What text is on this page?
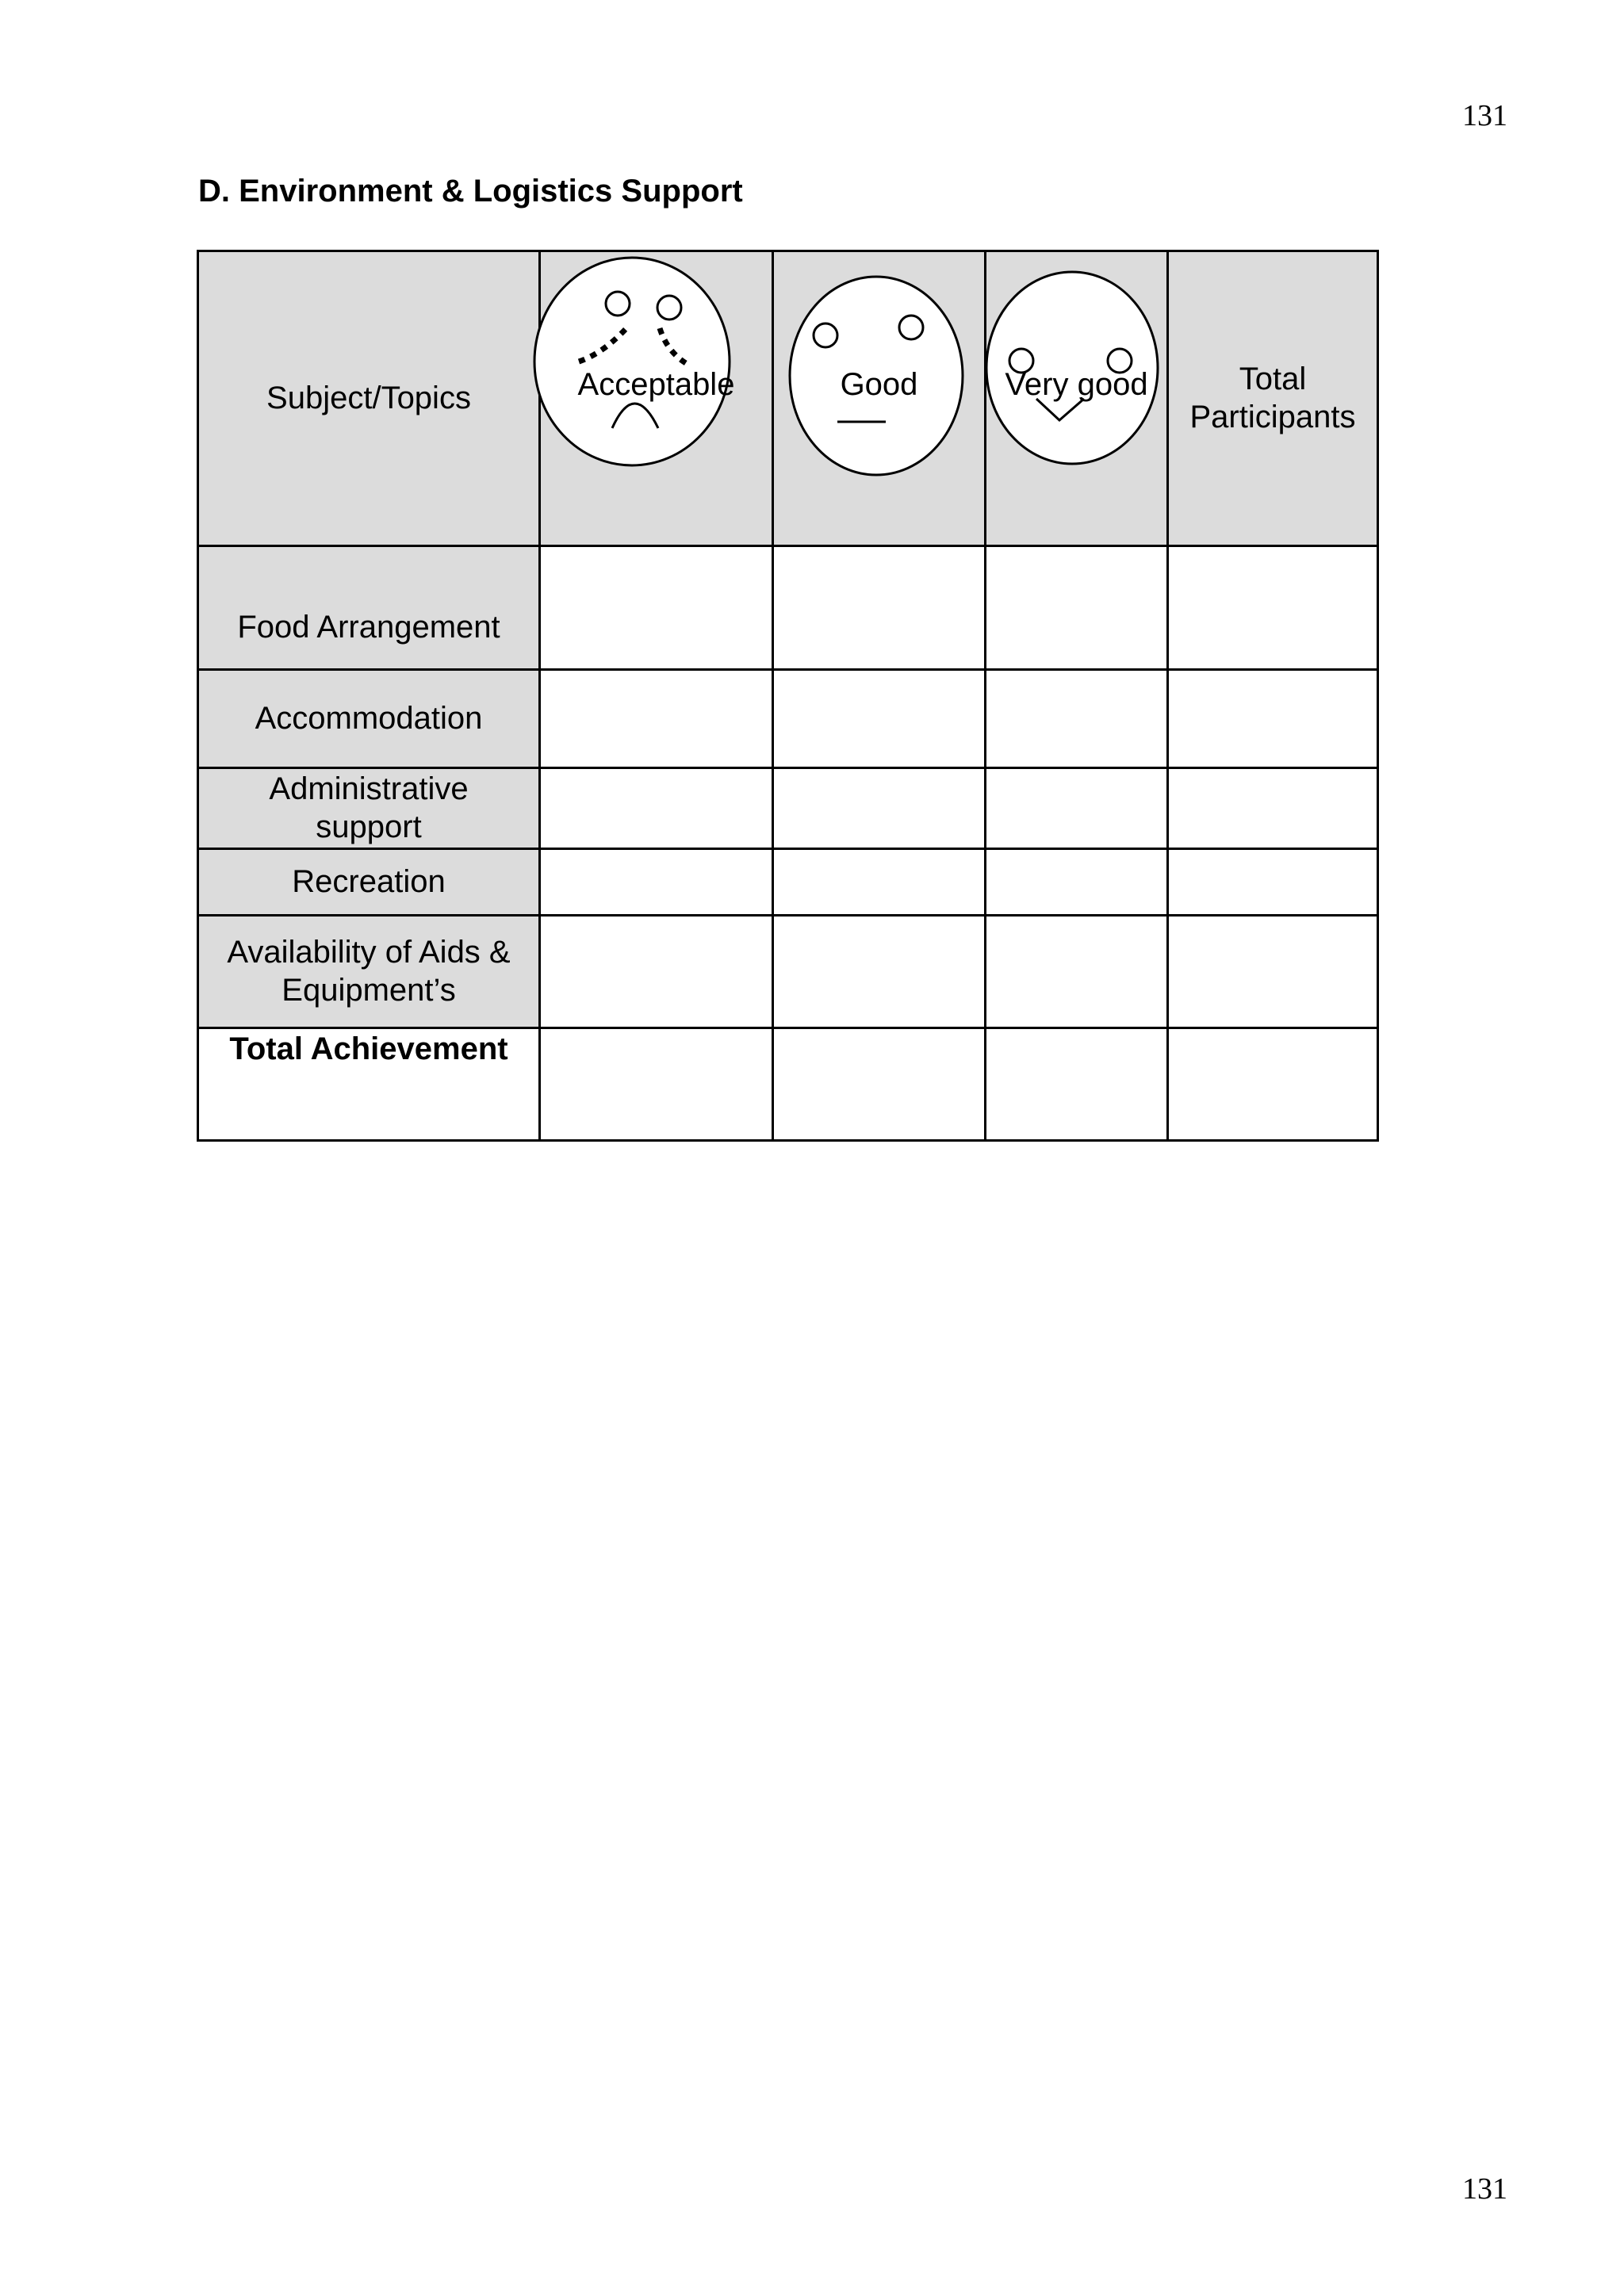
131
D. Environment & Logistics Support
Subject/Topics	Acceptable	Good	Very good	Total Participants
Food Arrangement				
Accommodation				
Administrative support				
Recreation				
Availability of Aids & Equipment’s				
Total Achievement				
131
